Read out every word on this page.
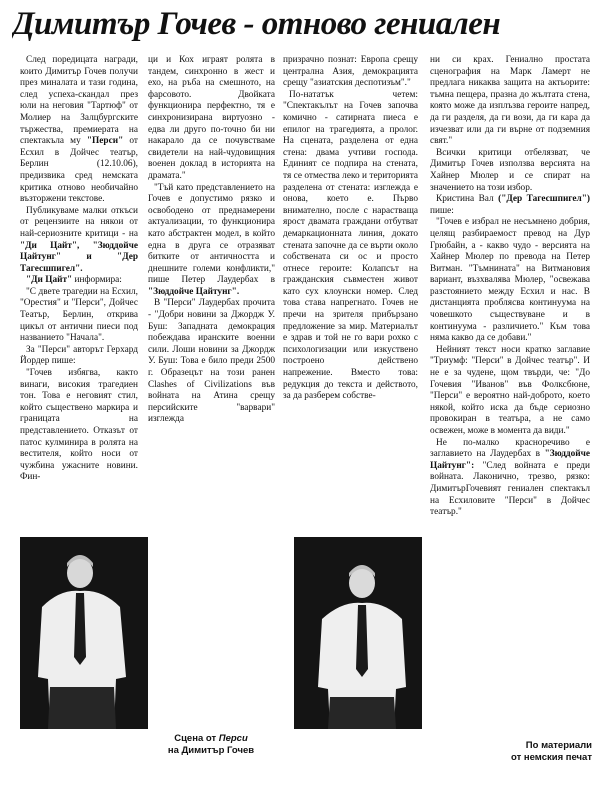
Димитър Гочев - отново гениален

След поредицата награди, които Димитър Гочев получи през миналата и тази година, след успеха-скандал през юли на неговия "Тартюф" от Молиер на Залцбургските тържества, премиерата на спектакъла му "Перси" от Есхил в Дойчес театър, Берлин (12.10.06), предизвика сред немската критика отново необичайно възторжени текстове.

Публикуваме малки откъси от рецензиите на някои от най-сериозните критици - на "Ди Цайт", "Зюддойче Цайтунг" и "Дер Тагесшпигел".

"Ди Цайт" информира:

"С двете трагедии на Есхил, "Орестия" и "Перси", Дойчес Театър, Берлин, открива цикъл от антични пиеси под названието "Начала".

За "Перси" авторът Герхард Йордер пише:

"Гочев избягва, както винаги, високия трагедиен тон. Това е неговият стил, който съществено маркира и границата на представлението. Отказът от патос кулминира в ролята на вестителя, който носи от чужбина ужасните новини. Фин-

ци и Кох играят ролята в тандем, синхронно в жест и ехо, на ръба на смешното, на фарсовото. Двойката функционира перфектно, тя е синхронизирана виртуозно - едва ли друго по-точно би ни накарало да се почувстваме свидетели на най-чудовищния военен доклад в историята на драмата."

"Тъй като представлението на Гочев е допустимо рязко и освободено от преднамерени актуализации, то функционира като абстрактен модел, в който една в друга се отразяват битките от античността и днешните големи конфликти," пише Петер Лаудербах в "Зюддойче Цайтунг".

В "Перси" Лаудербах прочита - "Добри новини за Джордж У. Буш: Западната демокрация побеждава иранските военни сили. Лоши новини за Джордж У. Буш: Това е било преди 2500 г. Образецът на този ранен Clashes of Civilizations във войната на Атина срещу персийските "варвари" изглежда

призрачно познат: Европа срещу централна Азия, демокрацията срещу "азиатския деспотизъм"."

По-нататък четем: "Спектакълът на Гочев започва комично - сатирната пиеса е епилог на трагедията, а пролог. На сцената, разделена от една стена: двама учтиви господа. Единият се подпира на стената, тя се отмества леко и територията разделена от стената: изглежда е онова, което е. Първо внимателно, после с нарастваща ярост двамата граждани отбутват демаркационната линия, докато стената започне да се върти около собствената си ос и просто отнесе героите: Колапсът на гражданския съвместен живот като сух клоунски номер. След това става напрегнато. Гочев не пречи на зрителя прибързано предложение за мир. Материалът е здрав и той не го вари рохко с психологизации или изкуствено построено действено напрежение. Вместо това: редукция до текста и действото, за да разберем собстве-

ни си крах. Гениално простата сценография на Марк Ламерт не предлага никаква защита на актьорите: тъмна пещера, празна до жълтата стена, която може да изплъзва героите напред, да ги разделя, да ги вози, да ги кара да изчезват или да ги върне от подземния свят."

Всички критици отбелязват, че Димитър Гочев използва версията на Хайнер Мюлер и се спират на значението на този избор.

Кристина Вал ("Дер Тагесшпигел") пише:

"Гочев е избрал не несъмнено добрия, целящ разбираемост превод на Дур Грюбайн, а - какво чудо - версията на Хайнер Мюлер по превода на Петер Витман. "Тъмнината" на Витмановия вариант, възхвалява Мюлер, "освежава разстоянието между Есхил и нас. В дистанцията проблясва континуума на човешкото съществуване и в континуума - различието." Към това няма какво да се добави."

Нейният текст носи кратко заглавие "Триумф: "Перси" в Дойчес театър". И не е за чудене, щом твърди, че: "До Гочевия "Иванов" във Фолксбюне, "Перси" е вероятно най-доброто, което някой, който иска да бъде сериозно провокиран в театъра, а не само освежен, може в момента да види."

Не по-малко красноречиво е заглавието на Лаудербах в "Зюддойче Цайтунг": "След войната е преди войната. Лаконично, трезво, рязко: ДимитърГочевият гениален спектакъл на Есхиловите "Перси" в Дойчес театър."

Сцена от Перси
на Димитър Гочев	По материали
от немския печат
